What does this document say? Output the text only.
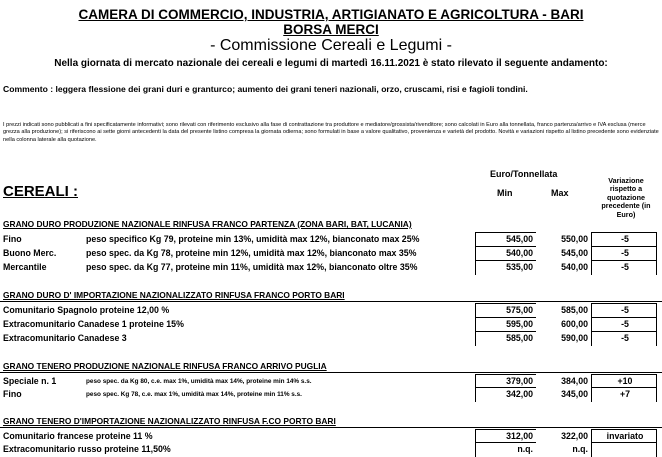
CAMERA DI COMMERCIO, INDUSTRIA, ARTIGIANATO E AGRICOLTURA - BARI
BORSA MERCI
- Commissione Cereali e Legumi -
Nella giornata di mercato nazionale dei cereali e legumi di martedì 16.11.2021 è stato rilevato il seguente andamento:
Commento : leggera flessione dei grani duri e granturco; aumento dei grani teneri nazionali, orzo, cruscami, risi e fagioli tondini.
I prezzi indicati sono pubblicati a fini specificatamente informativi; sono rilevati con riferimento esclusivo alla fase di contrattazione tra produttore e mediatore/grossista/rivenditore; sono calcolati in Euro alla tonnellata, franco partenza/arrivo e IVA esclusa (merce grezza alla produzione); si riferiscono ai sette giorni antecedenti la data del presente listino compresa la giornata odierna; sono formulati in base a valore qualitativo, provenienza e varietà del prodotto. Novità e variazioni rispetto al listino precedente sono evidenziate nella colonna laterale alla quotazione.
CEREALI :
Euro/Tonnellata
Min	Max
Variazione rispetto a quotazione precedente (in Euro)
GRANO DURO PRODUZIONE NAZIONALE RINFUSA FRANCO PARTENZA (ZONA BARI, BAT, LUCANIA)
Fino	peso specifico Kg 79, proteine min 13%, umidità max 12%, bianconato max 25%	545,00	550,00	-5
Buono Merc.	peso spec. da Kg 78, proteine min 12%, umidità max 12%, bianconato max 35%	540,00	545,00	-5
Mercantile	peso spec. da Kg 77, proteine min 11%, umidità max 12%, bianconato oltre 35%	535,00	540,00	-5
GRANO DURO D' IMPORTAZIONE NAZIONALIZZATO RINFUSA FRANCO PORTO BARI
Comunitario Spagnolo proteine 12,00 %	575,00	585,00	-5
Extracomunitario Canadese 1 proteine 15%	595,00	600,00	-5
Extracomunitario Canadese 3	585,00	590,00	-5
GRANO TENERO PRODUZIONE NAZIONALE RINFUSA FRANCO ARRIVO PUGLIA
Speciale n. 1	peso spec. da Kg 80, c.e. max 1%, umidità max 14%, proteine min 14% s.s.	379,00	384,00	+10
Fino	peso spec. Kg 78, c.e. max 1%, umidità max 14%, proteine min 11% s.s.	342,00	345,00	+7
GRANO TENERO D'IMPORTAZIONE NAZIONALIZZATO RINFUSA F.CO PORTO BARI
Comunitario francese proteine 11 %	312,00	322,00	invariato
Extracomunitario russo proteine 11,50%	n.q.	n.q.
